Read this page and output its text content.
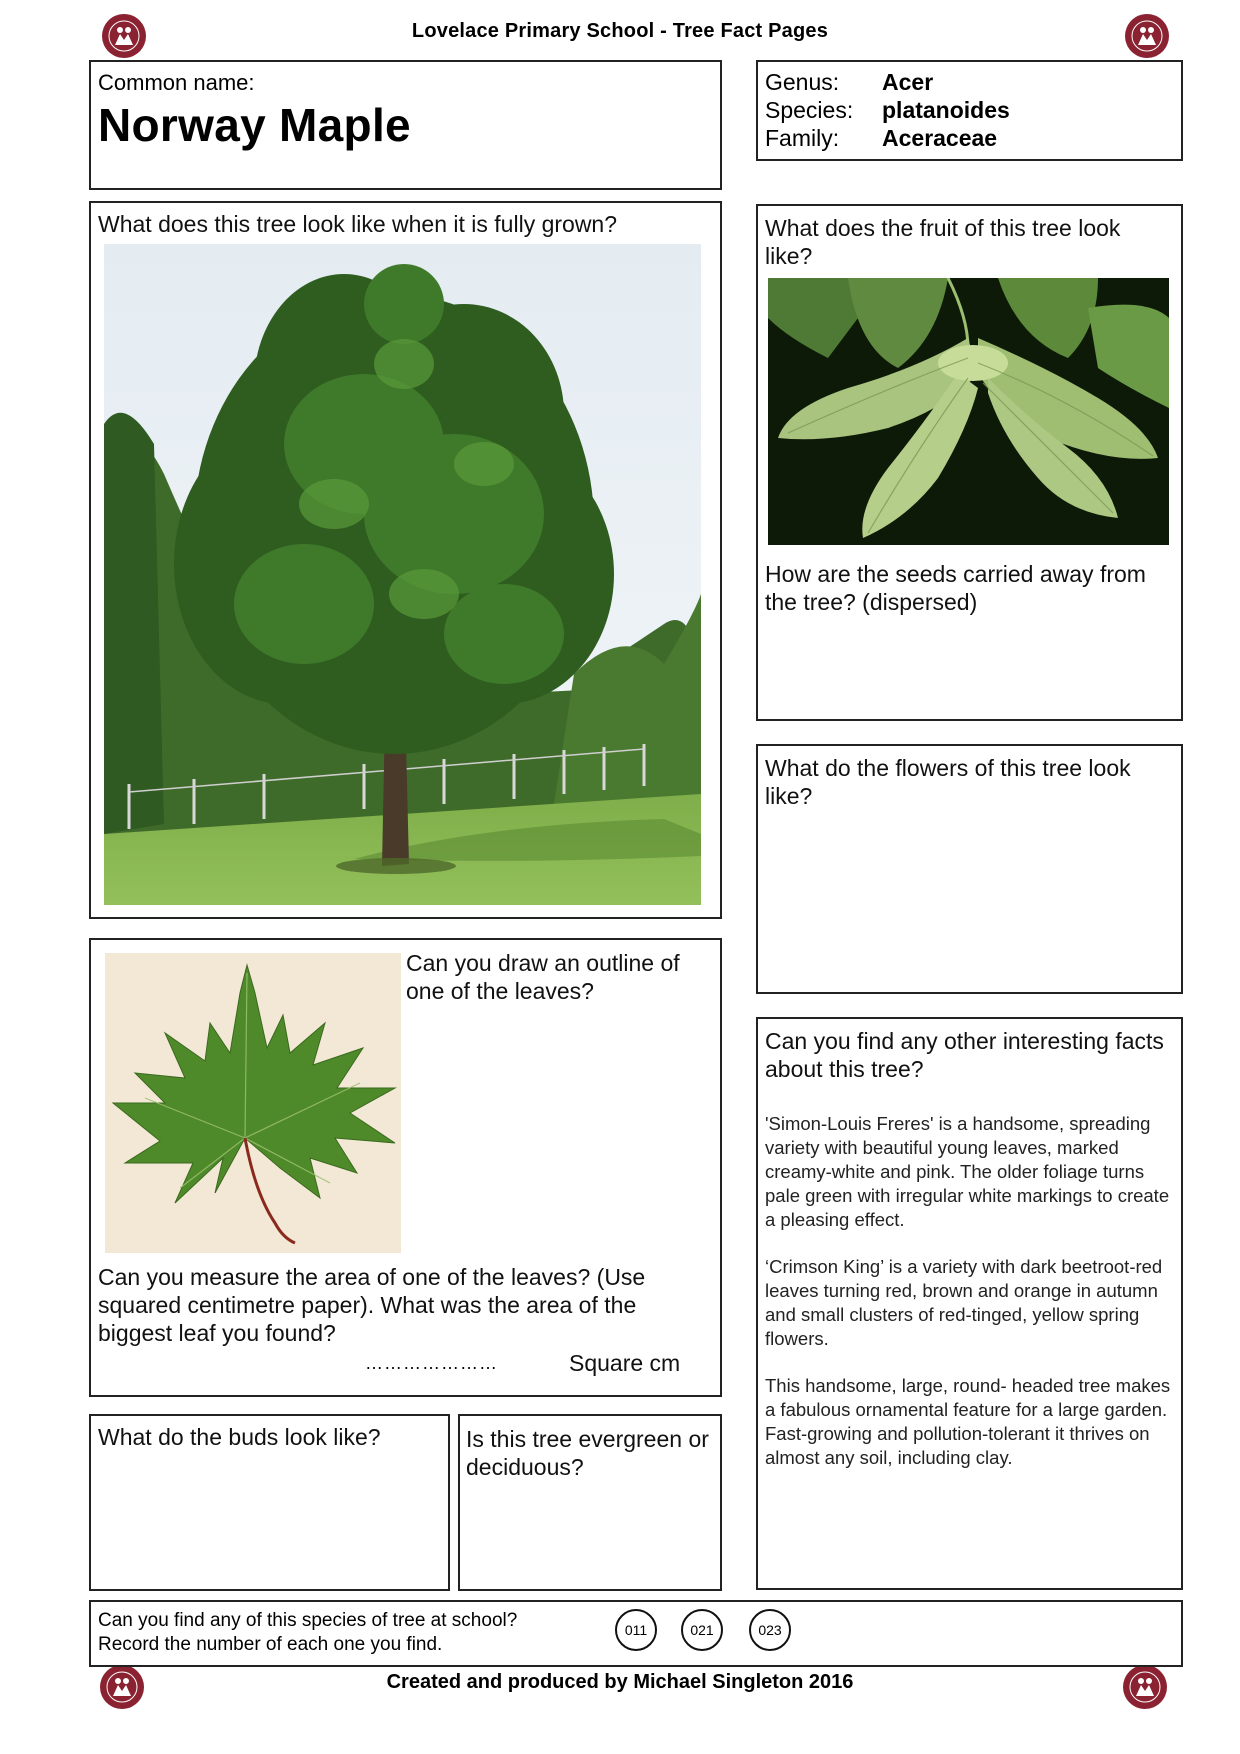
Lovelace Primary School - Tree Fact Pages
Common name:
Norway Maple
Genus: Acer
Species: platanoides
Family: Aceraceae
What does this tree look like when it is fully grown?	What does the fruit of this tree look like?
How are the seeds carried away from the tree? (dispersed)
What do the flowers of this tree look like?
Can you draw an outline of one of the leaves?
Can you measure the area of one of the leaves? (Use squared centimetre paper). What was the area of the biggest leaf you found?
…………………	Square cm
What do the buds look like?	Is this tree evergreen or deciduous?
Can you find any other interesting facts about this tree?

'Simon-Louis Freres' is a handsome, spreading variety with beautiful young leaves, marked creamy-white and pink. The older foliage turns pale green with irregular white markings to create a pleasing effect.

‘Crimson King’ is a variety with dark beetroot-red leaves turning red, brown and orange in autumn and small clusters of red-tinged, yellow spring flowers.

This handsome, large, round- headed tree makes a fabulous ornamental feature for a large garden. Fast-growing and pollution-tolerant it thrives on almost any soil, including clay.

Can you find any of this species of tree at school?
Record the number of each one you find.
011	021	023
Created and produced by Michael Singleton 2016
